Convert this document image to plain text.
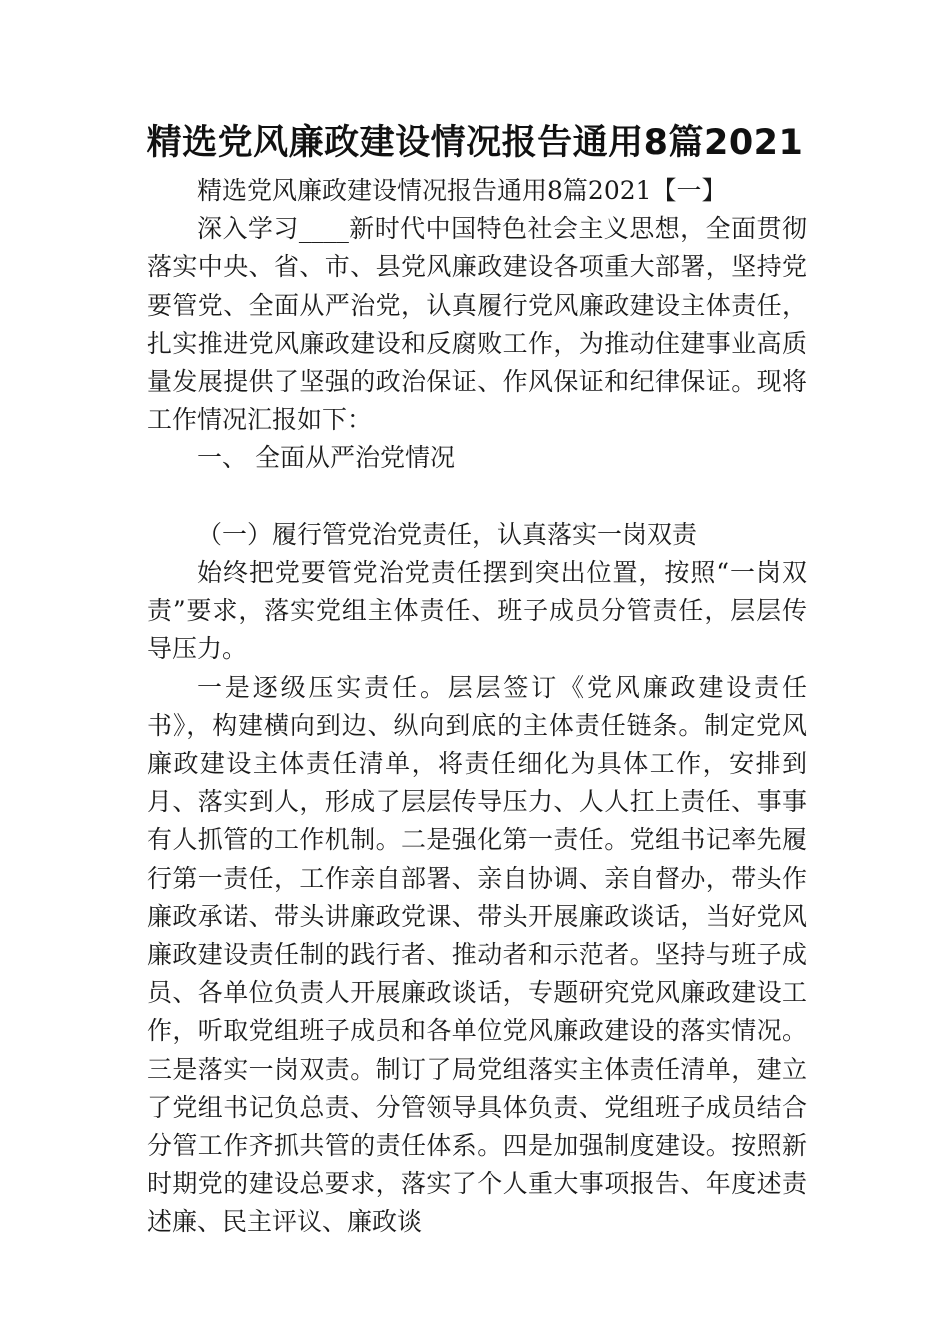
精选党风廉政建设情况报告通用8篇2021

精选党风廉政建设情况报告通用8篇2021【一】

深入学习____新时代中国特色社会主义思想，全面贯彻落实中央、省、市、县党风廉政建设各项重大部署，坚持党要管党、全面从严治党，认真履行党风廉政建设主体责任，扎实推进党风廉政建设和反腐败工作，为推动住建事业高质量发展提供了坚强的政治保证、作风保证和纪律保证。现将工作情况汇报如下：

一、 全面从严治党情况

（一）履行管党治党责任，认真落实一岗双责

始终把党要管党治党责任摆到突出位置，按照“一岗双责”要求，落实党组主体责任、班子成员分管责任，层层传导压力。

一是逐级压实责任。层层签订《党风廉政建设责任书》，构建横向到边、纵向到底的主体责任链条。制定党风廉政建设主体责任清单，将责任细化为具体工作，安排到月、落实到人，形成了层层传导压力、人人扛上责任、事事有人抓管的工作机制。二是强化第一责任。党组书记率先履行第一责任，工作亲自部署、亲自协调、亲自督办，带头作廉政承诺、带头讲廉政党课、带头开展廉政谈话，当好党风廉政建设责任制的践行者、推动者和示范者。坚持与班子成员、各单位负责人开展廉政谈话，专题研究党风廉政建设工作，听取党组班子成员和各单位党风廉政建设的落实情况。三是落实一岗双责。制订了局党组落实主体责任清单，建立了党组书记负总责、分管领导具体负责、党组班子成员结合分管工作齐抓共管的责任体系。四是加强制度建设。按照新时期党的建设总要求，落实了个人重大事项报告、年度述责述廉、民主评议、廉政谈
